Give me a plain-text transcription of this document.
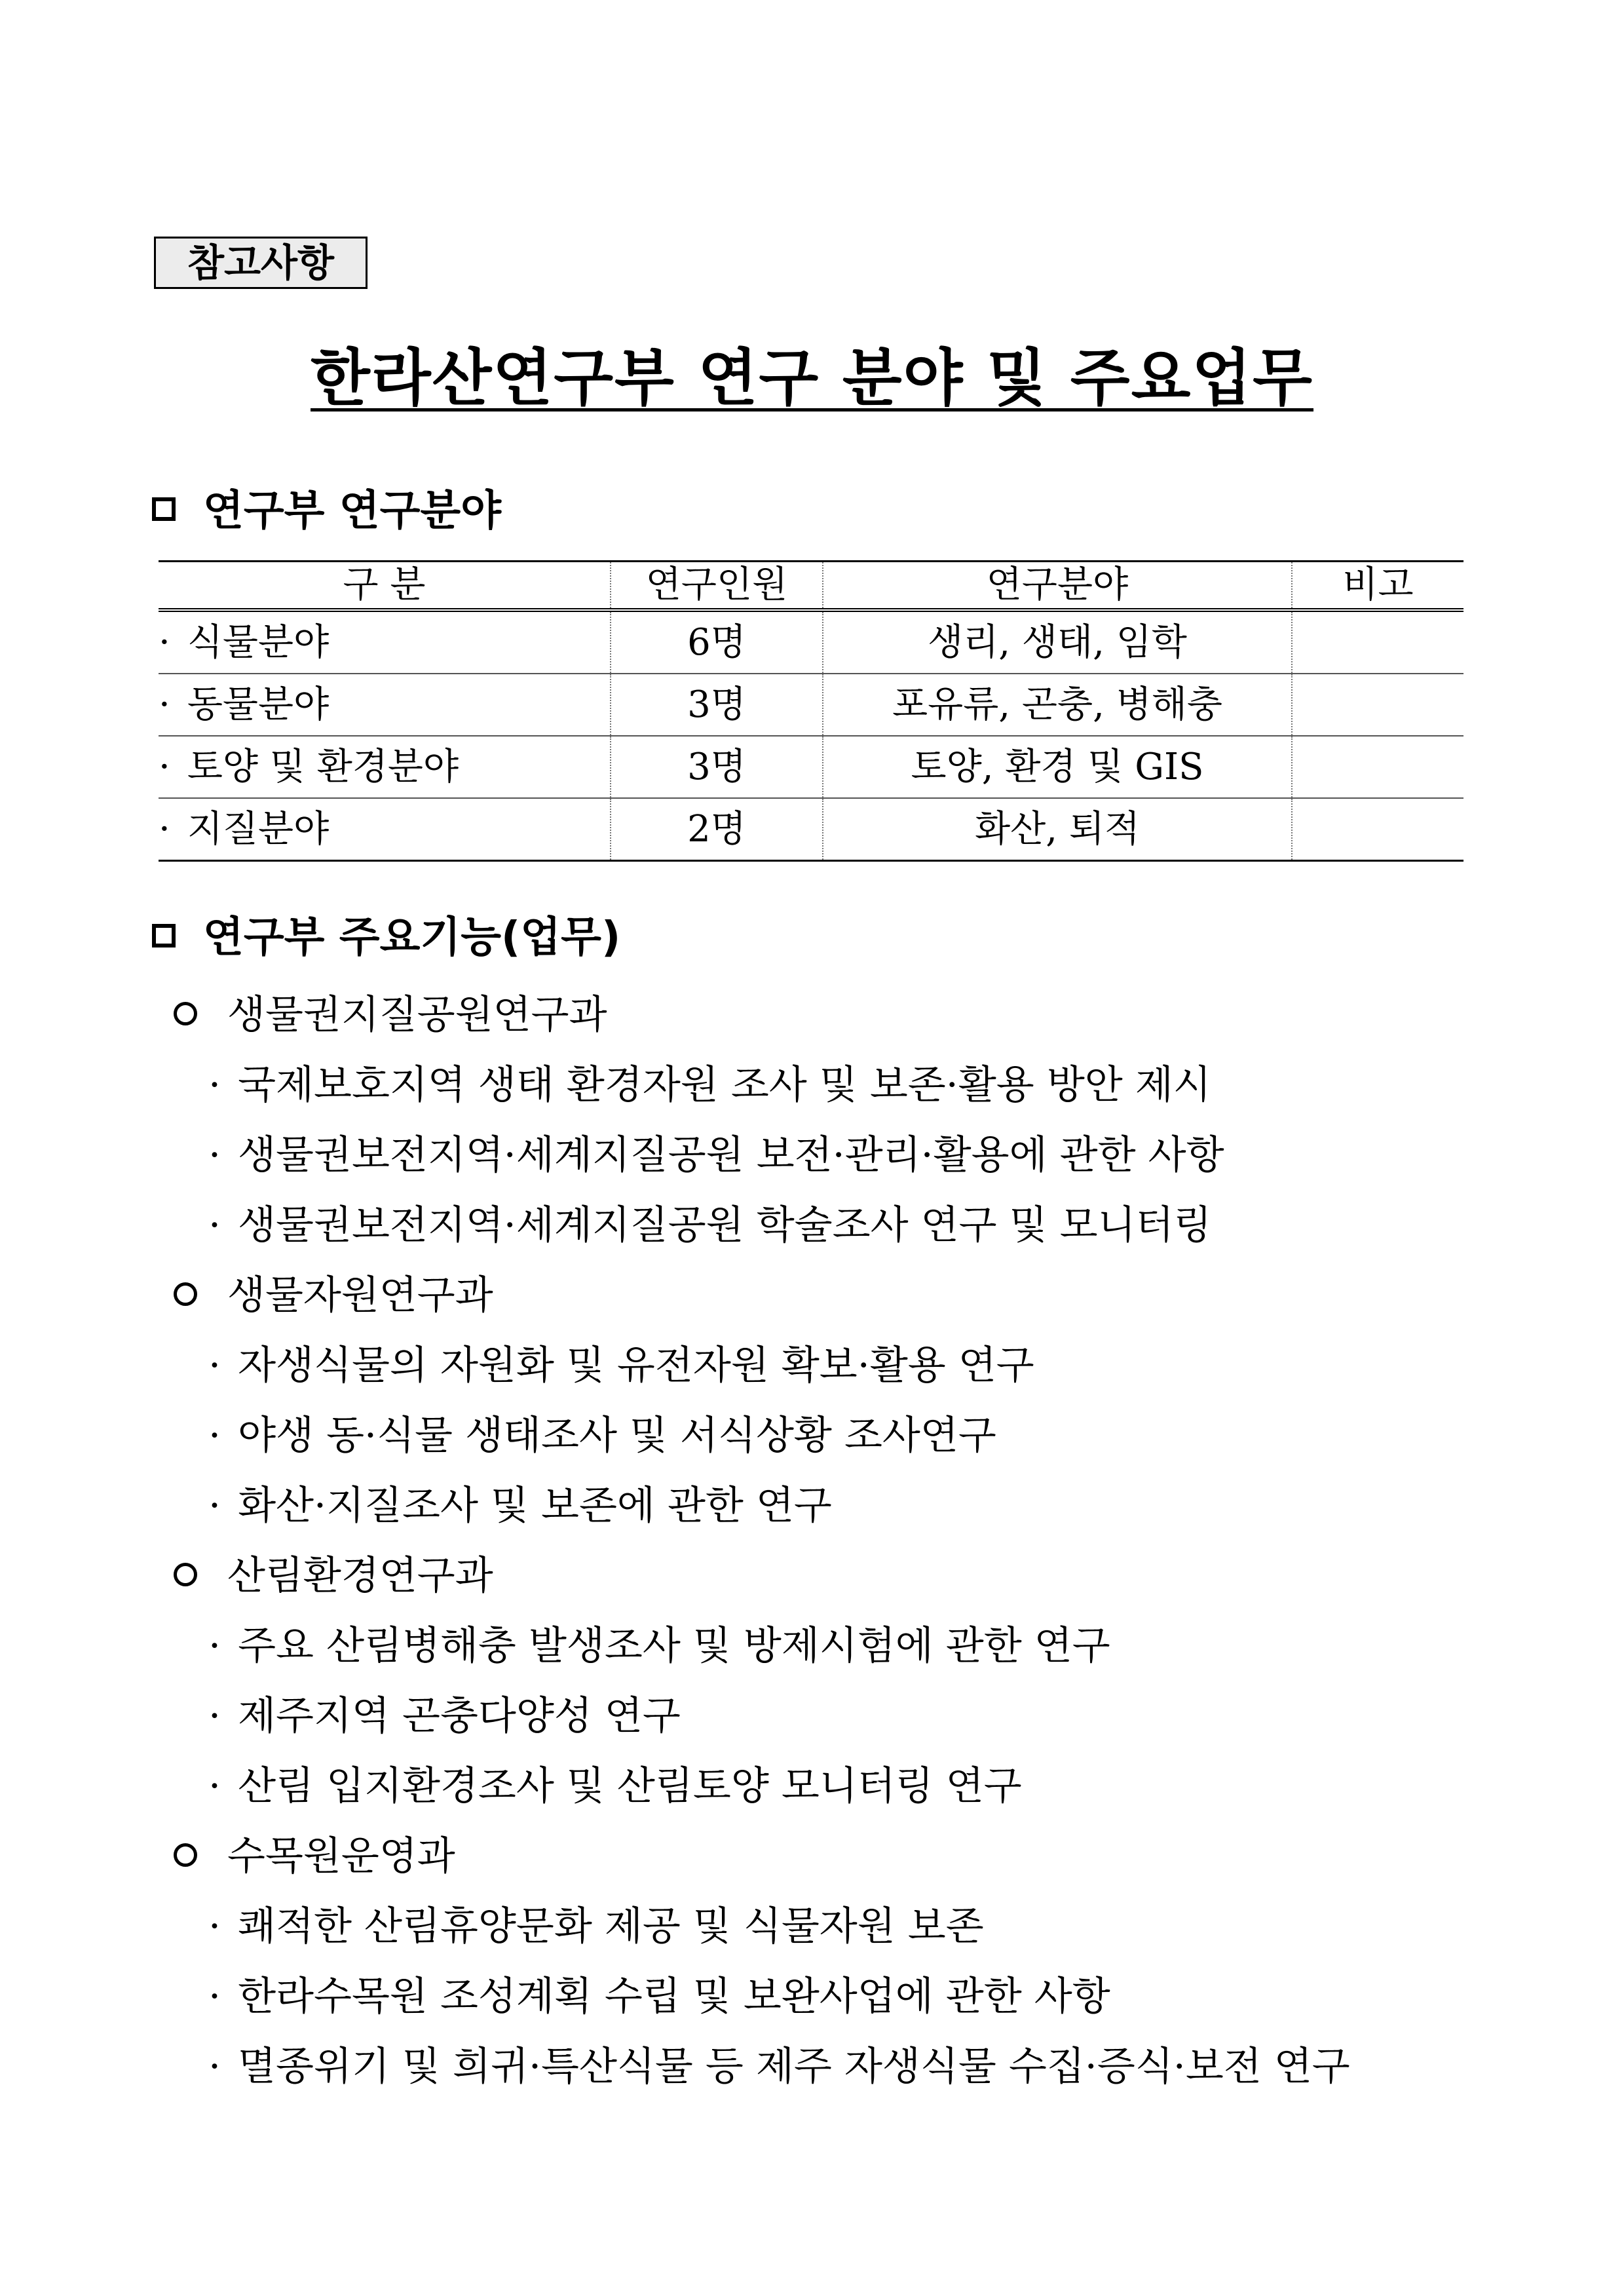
참고사항
한라산연구부 연구 분야 및 주요업무
연구부 연구분야
구 분	연구인원	연구분야	비고
· 식물분야	6명	생리, 생태, 임학	
· 동물분야	3명	포유류, 곤충, 병해충	
· 토양 및 환경분야	3명	토양, 환경 및 GIS	
· 지질분야	2명	화산, 퇴적	
연구부 주요기능(업무)
생물권지질공원연구과
· 국제보호지역 생태 환경자원 조사 및 보존·활용 방안 제시
· 생물권보전지역·세계지질공원 보전·관리·활용에 관한 사항
· 생물권보전지역·세계지질공원 학술조사 연구 및 모니터링
생물자원연구과
· 자생식물의 자원화 및 유전자원 확보·활용 연구
· 야생 동·식물 생태조사 및 서식상황 조사연구
· 화산·지질조사 및 보존에 관한 연구
산림환경연구과
· 주요 산림병해충 발생조사 및 방제시험에 관한 연구
· 제주지역 곤충다양성 연구
· 산림 입지환경조사 및 산림토양 모니터링 연구
수목원운영과
· 쾌적한 산림휴양문화 제공 및 식물자원 보존
· 한라수목원 조성계획 수립 및 보완사업에 관한 사항
· 멸종위기 및 희귀·특산식물 등 제주 자생식물 수집·증식·보전 연구
